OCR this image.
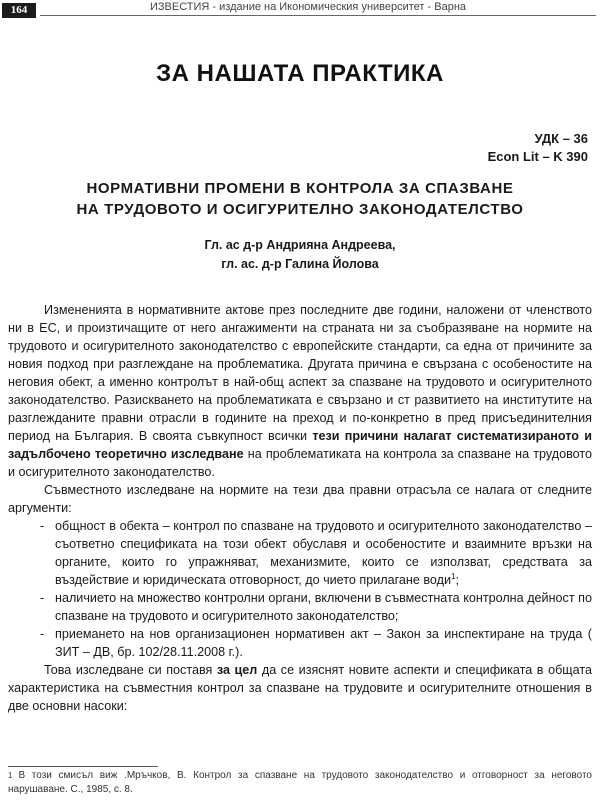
164	ИЗВЕСТИЯ - издание на Икономическия университет - Варна
ЗА НАШАТА ПРАКТИКА
УДК – 36
Econ Lit – K 390
НОРМАТИВНИ ПРОМЕНИ В КОНТРОЛА ЗА СПАЗВАНЕ
НА ТРУДОВОТО И ОСИГУРИТЕЛНО ЗАКОНОДАТЕЛСТВО
Гл. ас д-р Андрияна Андреева,
гл. ас. д-р Галина Йолова

Измененията в нормативните актове през последните две години, наложени от членството ни в ЕС, и произтичащите от него ангажименти на страната ни за съобразяване на нормите на трудовото и осигурителното законодателство с европейските стандарти, са една от причините за новия подход при разглеждане на проблематика. Другата причина е свързана с особеностите на неговия обект, а именно контролът в най-общ аспект за спазване на трудовото и осигурителното законодателство. Разискването на проблематиката е свързано и ст развитието на институтите на разглежданите правни отрасли в годините на преход и по-конкретно в пред присъединителния период на България. В своята съвкупност всички тези причини налагат систематизираното и задълбочено теоретично изследване на проблематиката на контрола за спазване на трудовото и осигурителното законодателство.

Съвместното изследване на нормите на тези два правни отрасъла се налага от следните аргументи:

- общност в обекта – контрол по спазване на трудовото и осигурителното законодателство – съответно спецификата на този обект обуславя и особеностите и взаимните връзки на органите, които го упражняват, механизмите, които се използват, средствата за въздействие и юридическата отговорност, до чието прилагане води$^1$;
- наличието на множество контролни органи, включени в съвместната контролна дейност по спазване на трудовото и осигурителното законодателство;
- приемането на нов организационен нормативен акт – Закон за инспектиране на труда ( ЗИТ – ДВ, бр. 102/28.11.2008 г.).

Това изследване си поставя за цел да се изяснят новите аспекти и спецификата в общата характеристика на съвместния контрол за спазване на трудовите и осигурителните отношения в две основни насоки:

$^1$ В този смисъл виж .Мръчков, В. Контрол за спазване на трудовото законодателство и отговорност за неговото нарушаване. С., 1985, с. 8.
